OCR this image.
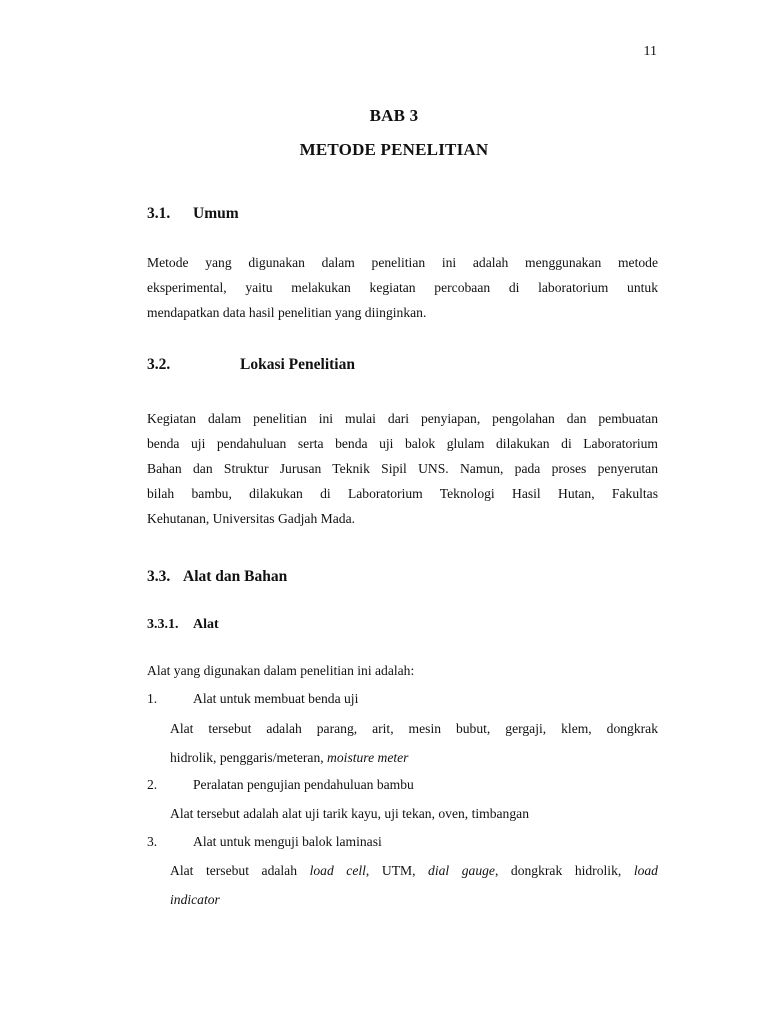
11
BAB 3
METODE PENELITIAN
3.1. Umum
Metode yang digunakan dalam penelitian ini adalah menggunakan metode
eksperimental, yaitu melakukan kegiatan percobaan di laboratorium untuk
mendapatkan data hasil penelitian yang diinginkan.
3.2.	Lokasi Penelitian
Kegiatan dalam penelitian ini mulai dari penyiapan, pengolahan dan pembuatan
benda uji pendahuluan serta benda uji balok glulam dilakukan di Laboratorium
Bahan dan Struktur Jurusan Teknik Sipil UNS. Namun, pada proses penyerutan
bilah bambu, dilakukan di Laboratorium Teknologi Hasil Hutan, Fakultas
Kehutanan, Universitas Gadjah Mada.
3.3. Alat dan Bahan
3.3.1. Alat
Alat yang digunakan dalam penelitian ini adalah:
1.	Alat untuk membuat benda uji
Alat tersebut adalah parang, arit, mesin bubut, gergaji, klem, dongkrak
hidrolik, penggaris/meteran, moisture meter
2.	Peralatan pengujian pendahuluan bambu
Alat tersebut adalah alat uji tarik kayu, uji tekan, oven, timbangan
3.	Alat untuk menguji balok laminasi
Alat tersebut adalah load cell, UTM, dial gauge, dongkrak hidrolik, load
indicator
